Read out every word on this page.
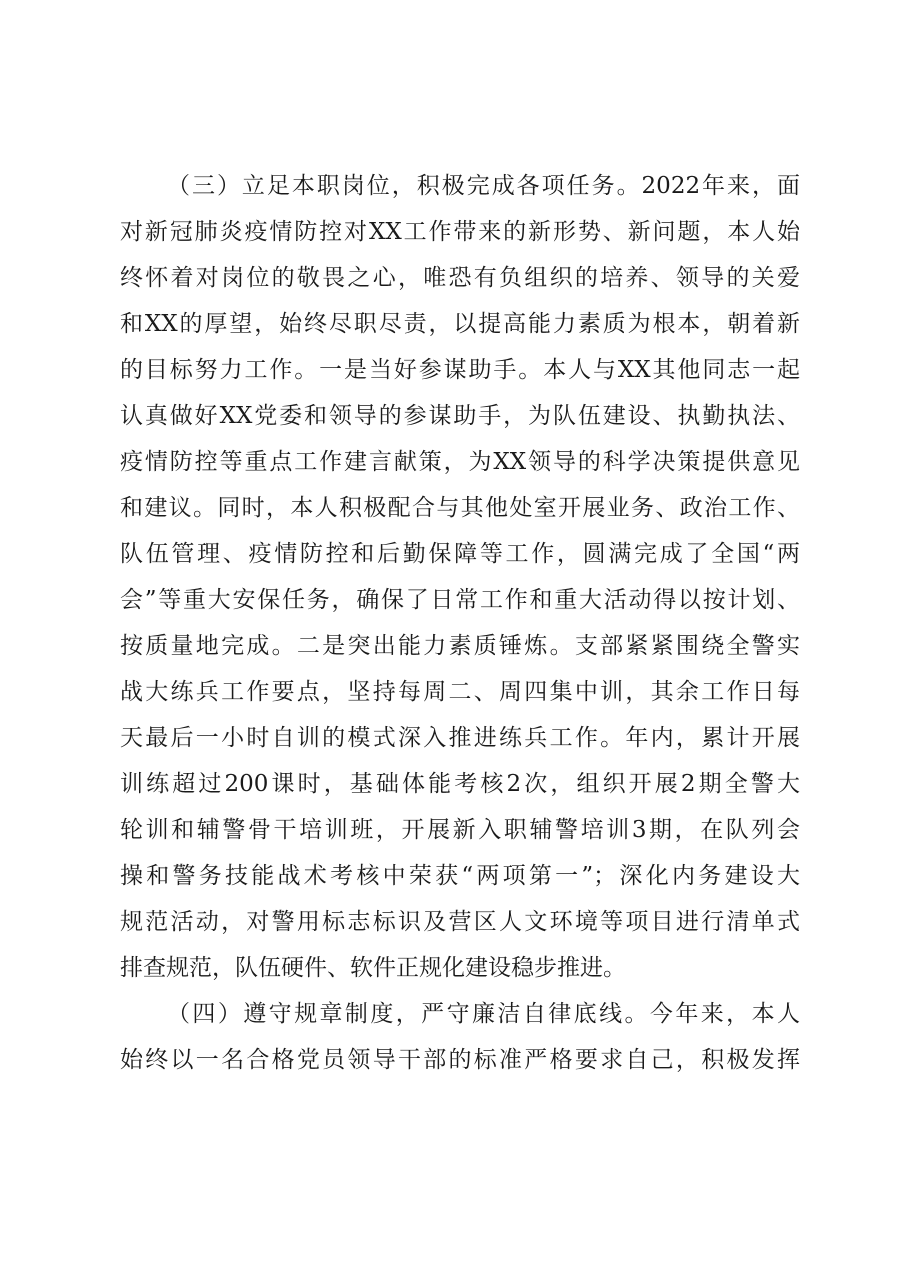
（三）立足本职岗位，积极完成各项任务。2022年来，面
对新冠肺炎疫情防控对XX工作带来的新形势、新问题，本人始
终怀着对岗位的敬畏之心，唯恐有负组织的培养、领导的关爱
和XX的厚望，始终尽职尽责，以提高能力素质为根本，朝着新
的目标努力工作。一是当好参谋助手。本人与XX其他同志一起
认真做好XX党委和领导的参谋助手，为队伍建设、执勤执法、
疫情防控等重点工作建言献策，为XX领导的科学决策提供意见
和建议。同时，本人积极配合与其他处室开展业务、政治工作、
队伍管理、疫情防控和后勤保障等工作，圆满完成了全国“两
会”等重大安保任务，确保了日常工作和重大活动得以按计划、
按质量地完成。二是突出能力素质锤炼。支部紧紧围绕全警实
战大练兵工作要点，坚持每周二、周四集中训，其余工作日每
天最后一小时自训的模式深入推进练兵工作。年内，累计开展
训练超过200课时，基础体能考核2次，组织开展2期全警大
轮训和辅警骨干培训班，开展新入职辅警培训3期，在队列会
操和警务技能战术考核中荣获“两项第一”；深化内务建设大
规范活动，对警用标志标识及营区人文环境等项目进行清单式
排查规范，队伍硬件、软件正规化建设稳步推进。
（四）遵守规章制度，严守廉洁自律底线。今年来，本人
始终以一名合格党员领导干部的标准严格要求自己，积极发挥
